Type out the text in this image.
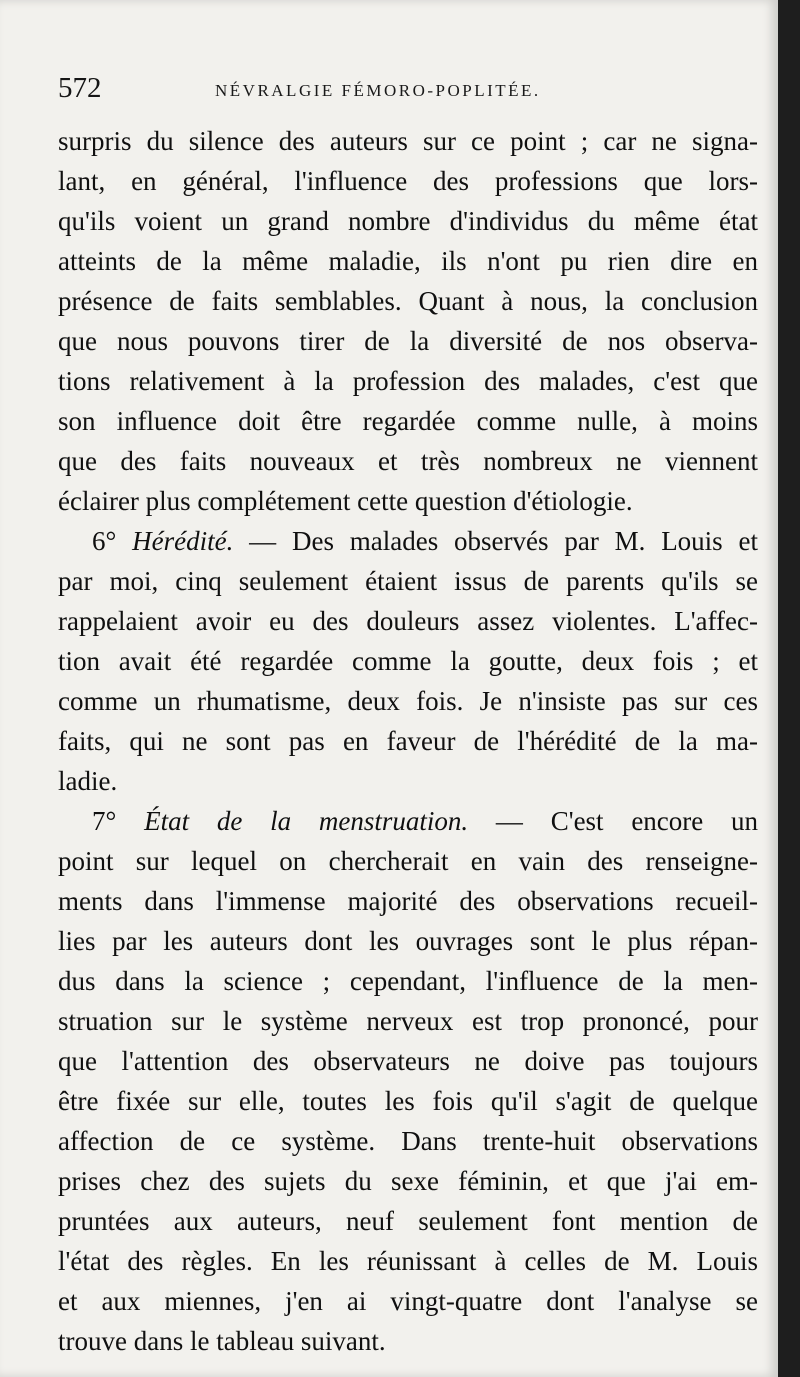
572	NÉVRALGIE FÉMORO-POPLITÉE.
surpris du silence des auteurs sur ce point ; car ne signa-
lant, en général, l'influence des professions que lors-
qu'ils voient un grand nombre d'individus du même état
atteints de la même maladie, ils n'ont pu rien dire en
présence de faits semblables. Quant à nous, la conclusion
que nous pouvons tirer de la diversité de nos observa-
tions relativement à la profession des malades, c'est que
son influence doit être regardée comme nulle, à moins
que des faits nouveaux et très nombreux ne viennent
éclairer plus complétement cette question d'étiologie.
6° Hérédité. — Des malades observés par M. Louis et
par moi, cinq seulement étaient issus de parents qu'ils se
rappelaient avoir eu des douleurs assez violentes. L'affec-
tion avait été regardée comme la goutte, deux fois ; et
comme un rhumatisme, deux fois. Je n'insiste pas sur ces
faits, qui ne sont pas en faveur de l'hérédité de la ma-
ladie.
7° État de la menstruation. — C'est encore un
point sur lequel on chercherait en vain des renseigne-
ments dans l'immense majorité des observations recueil-
lies par les auteurs dont les ouvrages sont le plus répan-
dus dans la science ; cependant, l'influence de la men-
struation sur le système nerveux est trop prononcé, pour
que l'attention des observateurs ne doive pas toujours
être fixée sur elle, toutes les fois qu'il s'agit de quelque
affection de ce système. Dans trente-huit observations
prises chez des sujets du sexe féminin, et que j'ai em-
pruntées aux auteurs, neuf seulement font mention de
l'état des règles. En les réunissant à celles de M. Louis
et aux miennes, j'en ai vingt-quatre dont l'analyse se
trouve dans le tableau suivant.
